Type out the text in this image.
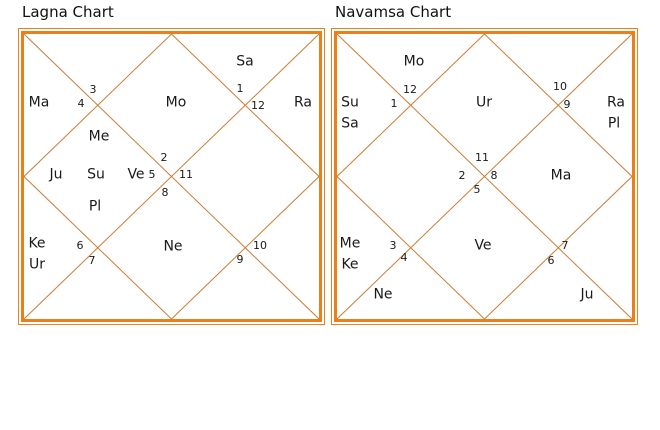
Lagna Chart
Sa
Ma	Mo	Ra
Me
Ju Su Ve
Pl
Ke
Ur
Ne
3
4
1
12
2
5 11
8
6
7
10
9
Navamsa Chart
Mo
Su
Sa
Ur	Ra
Pl
Ma
Me
Ke
Ve
Ne	Ju
12
1
10
9
11
2 8
5
3
4
7
6
